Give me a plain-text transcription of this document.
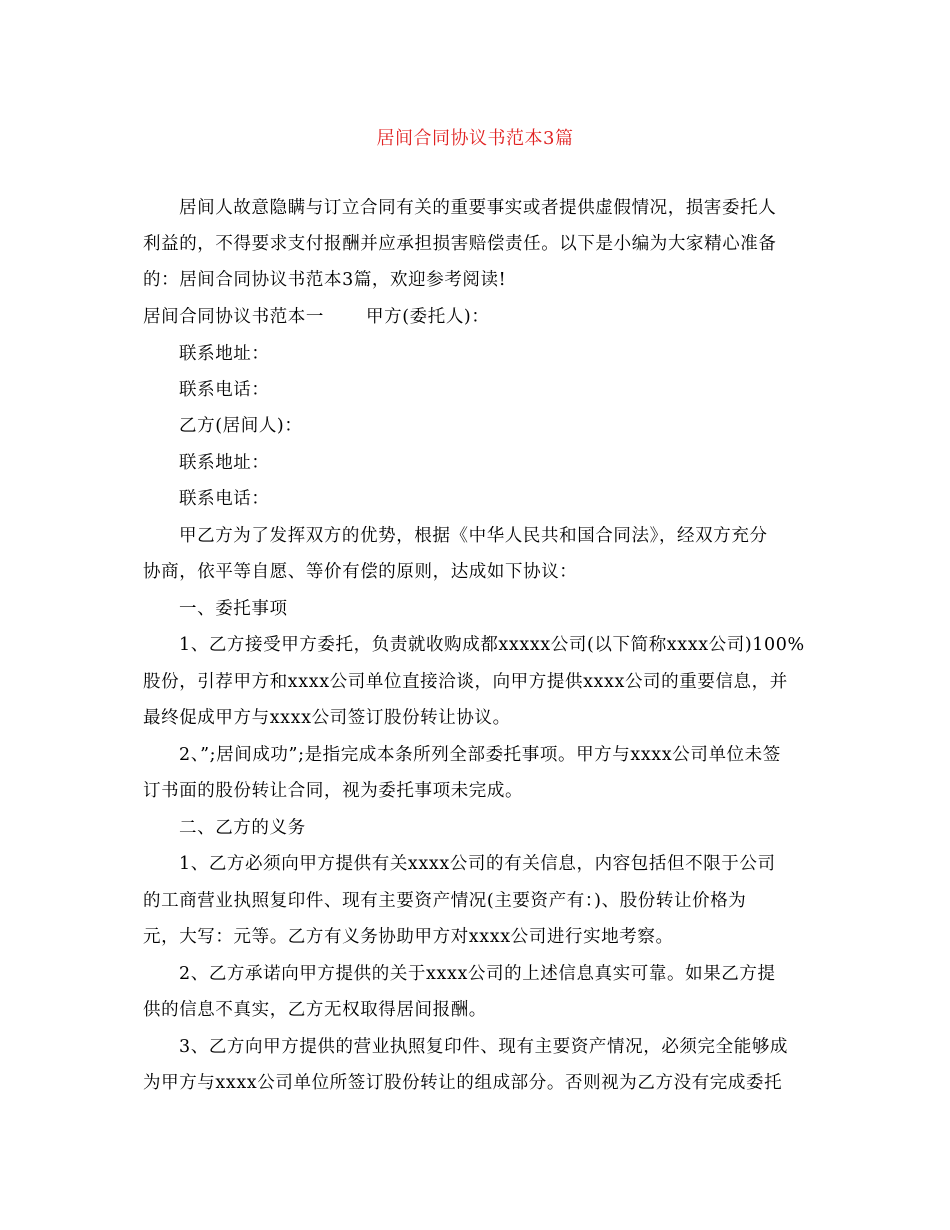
居间合同协议书范本3篇
居间人故意隐瞒与订立合同有关的重要事实或者提供虚假情况，损害委托人
利益的，不得要求支付报酬并应承担损害赔偿责任。以下是小编为大家精心准备
的：居间合同协议书范本3篇，欢迎参考阅读!
居间合同协议书范本一 甲方(委托人)：
联系地址：
联系电话：
乙方(居间人)：
联系地址：
联系电话：
甲乙方为了发挥双方的优势，根据《中华人民共和国合同法》，经双方充分
协商，依平等自愿、等价有偿的原则，达成如下协议：
一、委托事项
1、乙方接受甲方委托，负责就收购成都xxxxx公司(以下简称xxxx公司)100%
股份，引荐甲方和xxxx公司单位直接洽谈，向甲方提供xxxx公司的重要信息，并
最终促成甲方与xxxx公司签订股份转让协议。
2、”;居间成功”;是指完成本条所列全部委托事项。甲方与xxxx公司单位未签
订书面的股份转让合同，视为委托事项未完成。
二、乙方的义务
1、乙方必须向甲方提供有关xxxx公司的有关信息，内容包括但不限于公司
的工商营业执照复印件、现有主要资产情况(主要资产有：)、股份转让价格为
元，大写：元等。乙方有义务协助甲方对xxxx公司进行实地考察。
2、乙方承诺向甲方提供的关于xxxx公司的上述信息真实可靠。如果乙方提
供的信息不真实，乙方无权取得居间报酬。
3、乙方向甲方提供的营业执照复印件、现有主要资产情况，必须完全能够成
为甲方与xxxx公司单位所签订股份转让的组成部分。否则视为乙方没有完成委托
